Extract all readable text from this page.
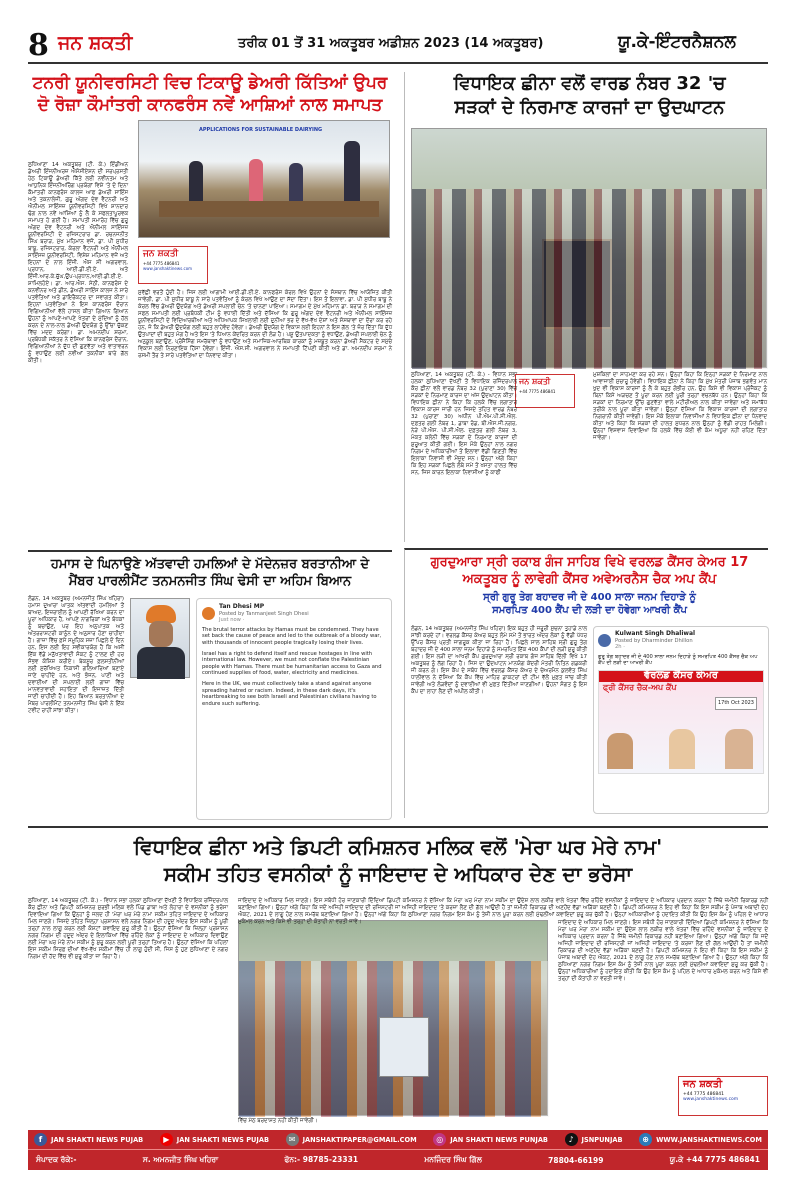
8 ਜਨ ਸ਼ਕਤੀ	ਤਰੀਕ 01 ਤੋਂ 31 ਅਕਤੂਬਰ ਅਡੀਸ਼ਨ 2023 (14 ਅਕਤੂਬਰ)	ਯੂ.ਕੇ-ਇੰਟਰਨੈਸ਼ਨਲ
ਟਨਰੀ ਯੂਨੀਵਰਸਿਟੀ ਵਿਚ ਟਿਕਾਊ ਡੇਅਰੀ ਕਿੱਤਿਆਂ ਉਪਰ
ਦੋ ਰੋਜ਼ਾ ਕੌਮਾਂਤਰੀ ਕਾਨਫਰੰਸ ਨਵੇਂ ਆਸ਼ਿਆਂ ਨਾਲ ਸਮਾਪਤ
ਲੁਧਿਆਣਾ 14 ਅਕਤੂਬਰ (ਟੀ. ਕੇ.) ਇੰਡੀਅਨ ਡੇਅਰੀ ਇੰਜਨੀਅਰਜ਼ ਐਸੋਸੀਏਸ਼ਨ ਦੀ ਸਰਪ੍ਰਸਤੀ ਹੇਠ ਟਿਕਾਊ ਡੇਅਰੀ ਕਿੱਤੇ ਲਈ ਨਵੀਨਤਮ ਅਤੇ ਆਧੁਨਿਕ ਇੰਜਨੀਅਰਿੰਗ ਪ੍ਰਯੋਗਾਂ ਵਿਸ਼ੇ 'ਤੇ ਦੋ ਦਿਨਾ ਕੌਮਾਂਤਰੀ ਕਾਨਫਰੰਸ ਕਾਲਜ ਆਫ ਡੇਅਰੀ ਸਾਇੰਸ ਅਤੇ ਤਕਨਾਲੋਜੀ, ਗੁਰੂ ਅੰਗਦ ਦੇਵ ਵੈਟਨਰੀ ਅਤੇ ਐਨੀਮਲ ਸਾਇੰਸਜ਼ ਯੂਨੀਵਰਸਿਟੀ ਵਿਖੇ ਸ਼ਾਨਦਾਰ ਢੰਗ ਨਾਲ ਨਵੇਂ ਆਸ਼ਿਆਂ ਨੂੰ ਲੈ ਕੇ ਸਫਲਤਾਪੂਰਵਕ ਸਮਾਪਤ ਹੋ ਗਈ ਹੈ। ਸਮਾਪਤੀ ਸਮਾਰੋਹ ਵਿੱਚ ਗੁਰੂ ਅੰਗਦ ਦੇਵ ਵੈਟਨਰੀ ਅਤੇ ਐਨੀਮਲ ਸਾਇੰਸਜ਼ ਯੂਨੀਵਰਸਿਟੀ ਦੇ ਰਜਿਸਟਰਾਰ ਡਾ. ਰਚਨਜਨੀਤ ਸਿੰਘ ਬਰਾੜ, ਮੁੱਖ ਮਹਿਮਾਨ ਵਜੋਂ, ਡਾ. ਪੀ ਸੁਧੀਰ ਬਾਬੂ, ਰਜਿਸਟਰਾਰ, ਕੇਰਲਾ ਵੈਟਨਰੀ ਅਤੇ ਐਨੀਮਲ ਸਾਇੰਸਜ਼ ਯੂਨੀਵਰਸਿਟੀ, ਵਿਸ਼ੇਸ਼ ਮਹਿਮਾਨ ਵਜੋਂ ਅਤੇ ਇਹਨਾਂ ਦੇ ਨਾਲ ਇੰਜੀ. ਐਸ ਸੀ ਅਗਰਵਾਲ, ਪ੍ਰਧਾਨ, ਆਈ.ਡੀ.ਈ.ਏ. ਅਤੇ ਇੰਜੀ.ਆਰ.ਕੇ.ਚੁੱਘ,ਉਪ-ਪ੍ਰਧਾਨ,ਆਈ.ਡੀ.ਈ.ਏ. ਸ਼ਾਮਿਲਹੋਏ। ਡਾ. ਆਰ.ਐਸ. ਸੇਠੀ, ਕਾਨਫਰੰਸ ਦੇ ਕਨਵੀਨਰ ਅਤੇ ਡੀਨ, ਡੇਅਰੀ ਸਾਇੰਸ ਕਾਲਜ ਨੇ ਸਾਰੇ ਪਤਵੰਤਿਆਂ ਅਤੇ ਡਾਇਰੈਕਟਰ ਦਾ ਸਵਾਗਤ ਕੀਤਾ। ਇਹਨਾਂ ਪਤਵੰਤਿਆਂ ਨੇ ਇਸ ਕਾਨਫਰੰਸ ਦੌਰਾਨ ਵਿਗਿਆਨੀਆਂ ਵੱਲੋਂ ਹਾਸਲ ਕੀਤਾ ਗਿਆਨ ਗਿਆਨ ਉਹਨਾਂ ਨੂੰ ਆਪਣੇ-ਆਪਣੇ ਖੇਤਰਾਂ ਦੇ ਮੁੱਦਿਆਂ ਨੂੰ ਹੱਲ ਕਰਨ ਦੇ ਨਾਲ-ਨਾਲ ਡੇਅਰੀ ਉਦਯੋਗ ਨੂੰ ਉੱਚਾ ਚੁੱਕਣ ਵਿੱਚ ਮਦਦ ਕਰੇਗਾ। ਡਾ. ਅਮਨਦੀਪ ਸ਼ਰਮਾ, ਪ੍ਰਬੰਧਕੀ ਸਕੱਤਰ ਨੇ ਦੱਸਿਆ ਕਿ ਕਾਨਫਰੰਸ ਦੌਰਾਨ, ਵਿਗਿਆਨੀਆਂ ਨੇ ਦੁੱਧ ਦੀ ਗੁਣਵੱਤਾ ਅਤੇ ਵਾਤਾਵਰਨ ਨੂੰ ਵਧਾਉਣ ਲਈ ਨਵੀਆਂ ਤਕਨੀਕਾਂ ਬਾਰੇ ਗੱਲ ਕੀਤੀ।
APPLICATIONS FOR SUSTAINABLE DAIRYING
ਜਨ ਸ਼ਕਤੀ
+44 7775 486841
www.janshaktinews.com
ਸੁਵੱਛੀ ਵਰਤੋਂ ਹੁੰਦੀ ਹੈ। ਜਿਸ ਲਈ ਆਗਾਮੀ ਆਈ.ਡੀ.ਈ.ਏ. ਕਾਨਫਰੰਸ ਕੇਰਲ ਵਿਖੇ ਉਹਨਾਂ ਦੇ ਸੰਸਥਾਨ ਵਿੱਚ ਆਯੋਜਿਤ ਕੀਤੀ ਜਾਵੇਗੀ, ਡਾ. ਪੀ ਸੁਧੀਰ ਬਾਬੂ ਨੇ ਸਾਰੇ ਪਤਵੰਤਿਆਂ ਨੂੰ ਕੇਰਲ ਵਿਖੇ ਆਉਣ ਦਾ ਸੱਦਾ ਦਿੱਤਾ। ਇਸ ਤੋਂ ਇਲਾਵਾ, ਡਾ. ਪੀ ਸੁਧੀਰ ਬਾਬੂ ਨੇ ਕੇਰਲ ਵਿੱਚ ਡੇਅਰੀ ਉਦਯੋਗ ਅਤੇ ਡੇਅਰੀ ਸਪਲਾਈ ਚੇਨ 'ਤੇ ਚਾਨਣਾ ਪਾਇਆ। ਸਮਾਗਮ ਦੇ ਮੁੱਖ ਮਹਿਮਾਨ ਡਾ. ਬਰਾੜ ਨੇ ਸਮਾਗਮ ਦੀ ਸਫਲ ਸਮਾਪਤੀ ਲਈ ਪ੍ਰਬੰਧਕੀ ਟੀਮ ਨੂੰ ਵਧਾਈ ਦਿੱਤੀ ਅਤੇ ਦੱਸਿਆ ਕਿ ਗੁਰੂ ਅੰਗਦ ਦੇਵ ਵੈਟਨਰੀ ਅਤੇ ਐਨੀਮਲ ਸਾਇੰਸਜ਼ ਯੂਨੀਵਰਸਿਟੀ ਦੇ ਵਿਦਿਆਰਥੀਆਂ ਅਤੇ ਅਧਿਆਪਕ ਸਿਖਲਾਈ ਲਈ ਦੁਨੀਆ ਭਰ ਦੇ ਵੱਖ-ਵੱਖ ਦੇਸ਼ਾਂ ਅਤੇ ਸੰਸਥਾਵਾਂ ਦਾ ਦੌਰਾ ਕਰ ਰਹੇ ਹਨ, ਜੋ ਕਿ ਡੇਅਰੀ ਉਦਯੋਗ ਲਈ ਬਹੁਤ ਲਾਹੇਵੰਦ ਹੋਵੇਗਾ। ਡੇਅਰੀ ਉਦਯੋਗ ਦੇ ਵਿਕਾਸ ਲਈ ਇਹਨਾਂ ਨੇ ਇਸ ਗੱਲ 'ਤੇ ਜ਼ੋਰ ਦਿੱਤਾ ਕਿ ਦੁੱਧ ਉਤਪਾਦਾਂ ਦੀ ਬਹੁਤ ਮੰਗ ਹੈ ਅਤੇ ਇਸ 'ਤੇ ਧਿਆਨ ਕੇਂਦਰਿਤ ਕਰਨ ਦੀ ਲੋੜ ਹੈ। ਪਸ਼ੂ ਉਤਪਾਦਕਤਾ ਨੂੰ ਵਧਾਉਣ, ਡੇਅਰੀ ਸਪਲਾਈ ਚੇਨ ਨੂੰ ਅਨੁਕੂਲ ਬਣਾਉਣ, ਪ੍ਰੋਸੈਸਿੰਗ ਸਮਰੱਥਾਵਾਂ ਨੂੰ ਵਧਾਉਣ ਅਤੇ ਸਮਾਜਿਕ-ਆਰਥਿਕ ਕਾਰਕਾਂ ਨੂੰ ਮਜ਼ਬੂਤ ਕਰਨਾ ਡੇਅਰੀ ਸੈਕਟਰ ਦੇ ਸਮੁੱਚੇ ਵਿਕਾਸ ਲਈ ਨਿਰਣਾਇਕ ਹਿੱਸਾ ਹੋਵੇਗਾ। ਇੰਜੀ. ਐਸ.ਸੀ. ਅਗਰਵਾਲ ਨੇ ਸਮਾਪਤੀ ਟਿੱਪਣੀ ਕੀਤੀ ਅਤੇ ਡਾ. ਅਮਨਦੀਪ ਸ਼ਰਮਾ ਨੇ ਰਸਮੀ ਤੌਰ ਤੇ ਸਾਰੇ ਪਤਵੰਤਿਆਂ ਦਾ ਧੰਨਵਾਦ ਕੀਤਾ।
ਵਿਧਾਇਕ ਛੀਨਾ ਵਲੋਂ ਵਾਰਡ ਨੰਬਰ 32 'ਚ
ਸੜਕਾਂ ਦੇ ਨਿਰਮਾਣ ਕਾਰਜਾਂ ਦਾ ਉਦਘਾਟਨ
ਜਨ ਸ਼ਕਤੀ
+44 7775 486841
ਲੁਧਿਆਣਾ, 14 ਅਕਤੂਬਰ (ਟੀ. ਕੇ.) - ਵਿਧਾਨ ਸਭਾ ਹਲਕਾ ਲੁਧਿਆਣਾ ਦੱਖਣੀ ਤੋਂ ਵਿਧਾਇਕ ਰਜਿੰਦਰਪਾਲ ਕੌਰ ਛੀਨਾ ਵਲੋਂ ਵਾਰਡ ਨੰਬਰ 32 (ਪੁਰਾਣਾ 30) ਵਿੱਚ ਸੜਕਾਂ ਦੇ ਨਿਰਮਾਣ ਕਾਰਜ ਦਾ ਅੱਜ ਉਦਘਾਟਨ ਕੀਤਾ। ਵਿਧਾਇਕ ਛੀਨਾ ਨੇ ਕਿਹਾ ਕਿ ਹਲਕੇ ਵਿੱਚ ਲਗਾਤਾਰ ਵਿਕਾਸ ਕਾਰਜ ਜਾਰੀ ਹਨ ਜਿਸਦੇ ਤਹਿਤ ਵਾਰਡ ਨੰਬਰ 32 (ਪੁਰਾਣਾ 30) ਅਧੀਨ ਪੀ.ਐਮ.ਪੀ.ਸੀ.ਐਲ. ਦਫ਼ਤਰ ਗਲੀ ਨੰਬਰ 1, ਡਾਬਾ ਰੋਡ, ਬੀ.ਐਸ.ਜੀ.ਨਗਰ, ਨੇੜੇ ਪੀ.ਐਸ. ਪੀ.ਸੀ.ਐਲ. ਦਫ਼ਤਰ ਗਲੀ ਨੰਬਰ 3, ਮੋਕਤ ਕਲੋਨੀ ਵਿੱਚ ਸੜਕਾਂ ਦੇ ਨਿਰਮਾਣ ਕਾਰਜਾਂ ਦੀ ਸ਼ੁਰੂਆਤ ਕੀਤੀ ਗਈ। ਇਸ ਮੌਕੇ ਉਨ੍ਹਾਂ ਨਾਲ ਨਗਰ ਨਿਗਮ ਦੇ ਅਧਿਕਾਰੀਆਂ ਤੋਂ ਇਲਾਵਾ ਵੱਡੀ ਗਿਣਤੀ ਵਿੱਚ ਇਲਾਕਾ ਨਿਵਾਸੀ ਵੀ ਮੌਜੂਦ ਸਨ। ਉਨ੍ਹਾਂ ਅੱਗੇ ਕਿਹਾ ਕਿ ਇਹ ਸੜਕਾਂ ਪਿਛਲੇ ਲੰਬੇ ਸਮੇਂ ਤੋਂ ਖਸਤਾ ਹਾਲਤ ਵਿੱਚ ਸਨ, ਜਿਸ ਕਾਰਨ ਇਲਾਕਾ ਨਿਵਾਸੀਆਂ ਨੂੰ ਕਾਫੀ
ਮੁਸ਼ਕਿਲਾਂ ਦਾ ਸਾਹਮਣਾ ਕਰ ਰਹੇ ਸਨ। ਉਨ੍ਹਾਂ ਕਿਹਾ ਕਿ ਇਨ੍ਹਾਂ ਸੜਕਾਂ ਦੇ ਨਿਰਮਾਣ ਨਾਲ ਆਵਾਜਾਈ ਸੁਚਾਰੂ ਹੋਵੇਗੀ। ਵਿਧਾਇਕ ਛੀਨਾ ਨੇ ਕਿਹਾ ਕਿ ਮੁੱਖ ਮੰਤਰੀ ਪੰਜਾਬ ਭਗਵੰਤ ਮਾਨ ਖੁਦ ਵੀ ਵਿਕਾਸ ਕਾਰਜਾਂ ਨੂੰ ਲੈ ਕੇ ਬਹੁਤ ਗੰਭੀਰ ਹਨ, ਉਹ ਕਿਸੇ ਵੀ ਵਿਕਾਸ ਪ੍ਰੋਜੈਕਟ ਨੂੰ ਬਿਨਾਂ ਕਿਸੇ ਅੜਚਣ ਤੋਂ ਪੂਰਾ ਕਰਨ ਲਈ ਪੂਰੀ ਤਰ੍ਹਾਂ ਵਚਨਬੱਧ ਹਨ। ਉਨ੍ਹਾਂ ਕਿਹਾ ਕਿ ਸੜਕਾਂ ਦਾ ਨਿਰਮਾਣ ਉੱਚ ਗੁਣਵੱਤਾ ਵਾਲੇ ਮਟੀਰੀਅਲ ਨਾਲ ਕੀਤਾ ਜਾਵੇਗਾ ਅਤੇ ਸਮਾਂਬੱਧ ਤਰੀਕੇ ਨਾਲ ਪੂਰਾ ਕੀਤਾ ਜਾਵੇਗਾ। ਉਨ੍ਹਾਂ ਦੱਸਿਆ ਕਿ ਵਿਕਾਸ ਕਾਰਜਾਂ ਦੀ ਲਗਾਤਾਰ ਨਿਗਰਾਨੀ ਕੀਤੀ ਜਾਵੇਗੀ। ਇਸ ਮੌਕੇ ਇਲਾਕਾ ਨਿਵਾਸੀਆਂ ਨੇ ਵਿਧਾਇਕ ਛੀਨਾ ਦਾ ਧੰਨਵਾਦ ਕੀਤਾ ਅਤੇ ਕਿਹਾ ਕਿ ਸੜਕਾਂ ਦੀ ਹਾਲਤ ਸੁਧਰਨ ਨਾਲ ਉਨ੍ਹਾਂ ਨੂੰ ਵੱਡੀ ਰਾਹਤ ਮਿਲੇਗੀ। ਉਨ੍ਹਾਂ ਵਿਸ਼ਵਾਸ ਦਿਵਾਇਆ ਕਿ ਹਲਕੇ ਵਿੱਚ ਕੋਈ ਵੀ ਕੰਮ ਅਧੂਰਾ ਨਹੀਂ ਰਹਿਣ ਦਿੱਤਾ ਜਾਵੇਗਾ।
ਹਮਾਸ ਦੇ ਘਿਨਾਉਣੇ ਅੱਤਵਾਦੀ ਹਮਲਿਆਂ ਦੇ ਮੱਦੇਨਜ਼ਰ ਬਰਤਾਨੀਆ ਦੇ
ਮੈਂਬਰ ਪਾਰਲੀਮੈਂਟ ਤਨਮਨਜੀਤ ਸਿੰਘ ਢੇਸੀ ਦਾ ਅਹਿਮ ਬਿਆਨ
ਲੰਡਨ, 14 ਅਕਤੂਬਰ (ਅਮਨਜੀਤ ਸਿੰਘ ਖਹਿਰਾ) ਹਮਾਸ ਦੁਆਰਾ ਘਾਤਕ ਅੱਤਵਾਦੀ ਹਮਲਿਆਂ ਤੋਂ ਬਾਅਦ, ਇਜ਼ਰਾਈਲ ਨੂੰ ਆਪਣੀ ਰੱਖਿਆ ਕਰਨ ਦਾ ਪੂਰਾ ਅਧਿਕਾਰ ਹੈ, ਆਪਣੇ ਨਾਗਰਿਕਾਂ ਅਤੇ ਬੰਧਕਾਂ ਨੂੰ ਬਚਾਉਣ, ਪਰ ਇਹ ਅਨੁਪਾਤਕ ਅਤੇ ਅੰਤਰਰਾਸ਼ਟਰੀ ਕਾਨੂੰਨ ਦੇ ਅਨੁਸਾਰ ਹੋਣਾ ਚਾਹੀਦਾ ਹੈ। ਗਾਜ਼ਾ ਵਿੱਚ ਫ਼ਸੇ ਸਮੂਹਿਕ ਸਜ਼ਾ ਪਿਛਲੇ ਦੋ ਦਿਨ ਹਨ, ਇਸ ਲਈ ਇਹ ਸਵੀਕਾਰਯੋਗ ਹੈ ਕਿ ਅਸੀਂ ਇੱਕ ਵੱਡੇ ਮਨੁੱਖਤਾਵਾਦੀ ਸੰਕਟ ਨੂੰ ਟਾਲਣ ਦੀ ਹਰ ਸੰਭਵ ਕੋਸ਼ਿਸ਼ ਕਰੀਏ। ਬੇਕਸੂਰ ਫ਼ਲਸਤੀਨੀਆਂ ਲਈ ਸੁਰੱਖਿਅਤ ਨਿਕਾਸੀ ਗਲਿਆਰਿਆਂ ਬਣਾਏ ਜਾਣੇ ਚਾਹੀਦੇ ਹਨ, ਅਤੇ ਭੋਜਨ, ਪਾਣੀ ਅਤੇ ਦਵਾਈਆਂ ਦੀ ਸਪਲਾਈ ਲਈ ਗਾਜ਼ਾ ਵਿੱਚ ਮਾਨਵਤਾਵਾਦੀ ਸਹਾਇਤਾ ਦੀ ਇਜਾਜ਼ਤ ਦਿੱਤੀ ਜਾਣੀ ਚਾਹੀਦੀ ਹੈ। ਇਹ ਬਿਆਨ ਬਰਤਾਨੀਆ ਦੇ ਮੈਂਬਰ ਪਾਰਲੀਮੈਂਟ ਤਨਮਨਜੀਤ ਸਿੰਘ ਢੇਸੀ ਨੇ ਇੱਕ ਟਵੀਟ ਰਾਹੀਂ ਸਾਂਝਾ ਕੀਤਾ।
Tan Dhesi MP
Posted by Tanmanjeet Singh Dhesi
Just now ·

The brutal terror attacks by Hamas must be condemned. They have set back the cause of peace and led to the outbreak of a bloody war, with thousands of innocent people tragically losing their lives.

Israel has a right to defend itself and rescue hostages in line with international law. However, we must not conflate the Palestinian people with Hamas. There must be humanitarian access to Gaza and continued supplies of food, water, electricity and medicines.

Here in the UK, we must collectively take a stand against anyone spreading hatred or racism. Indeed, in these dark days, it's heartbreaking to see both Israeli and Palestinian civilians having to endure such suffering.

ਗੁਰਦੁਆਰਾ ਸ੍ਰੀ ਰਕਾਬ ਗੰਜ ਸਾਹਿਬ ਵਿਖੇ ਵਰਲਡ ਕੈਂਸਰ ਕੇਅਰ 17
ਅਕਤੂਬਰ ਨੂੰ ਲਾਵੇਗੀ ਕੈਂਸਰ ਅਵੇਅਰਨੈਸ ਚੈਕ ਅਪ ਕੈਂਪ
ਸ੍ਰੀ ਗੁਰੂ ਤੇਗ ਬਹਾਦਰ ਜੀ ਦੇ 400 ਸਾਲਾ ਜਨਮ ਦਿਹਾੜੇ ਨੂੰ
ਸਮਰਪਿਤ 400 ਕੈਂਪ ਦੀ ਲੜੀ ਦਾ ਹੋਵੇਗਾ ਆਖਰੀ ਕੈਂਪ
ਲੰਡਨ, 14 ਅਕਤੂਬਰ (ਅਮਨਜੀਤ ਸਿੰਘ ਖਹਿਰਾ) ਇਕ ਬਹੁਤ ਹੀ ਜਰੂਰੀ ਸੁਚਨਾ ਤੁਹਾਡੇ ਨਾਲ ਸਾਂਝੀ ਕਰਦੇ ਹਾਂ। ਵਰਲਡ ਕੈਂਸਰ ਕੇਅਰ ਬਹੁਤ ਲੰਮੇ ਸਮੇਂ ਤੋਂ ਭਾਰਤ ਅੰਦਰ ਲੋਕਾਂ ਨੂੰ ਵੱਡੀ ਪੱਧਰ ਉੱਪਰ ਕੈਂਸਰ ਪ੍ਰਤੀ ਜਾਗਰੂਕ ਕੀਤਾ ਜਾ ਰਿਹਾ ਹੈ। ਪਿਛਲੇ ਸਾਲ ਸਾਹਿਬ ਸ੍ਰੀ ਗੁਰੂ ਤੇਗ ਬਹਾਦਰ ਜੀ ਦੇ 400 ਸਾਲਾ ਜਨਮ ਦਿਹਾੜੇ ਨੂੰ ਸਮਰਪਿਤ ਇੱਕ 400 ਕੈਂਪਾਂ ਦੀ ਲੜੀ ਸ਼ੁਰੂ ਕੀਤੀ ਗਈ। ਇਸ ਲੜੀ ਦਾ ਆਖਰੀ ਕੈਂਪ ਗੁਰਦੁਆਰਾ ਸ੍ਰੀ ਰਕਾਬ ਗੰਜ ਸਾਹਿਬ ਦਿੱਲੀ ਵਿਖੇ 17 ਅਕਤੂਬਰ ਨੂੰ ਲੱਗ ਰਿਹਾ ਹੈ। ਜਿਸ ਦਾ ਉਦਘਾਟਨ ਮਾਨਯੋਗ ਕੇਂਦਰੀ ਮੰਤਰੀ ਨਿਤਿਨ ਗਡਕਰੀ ਜੀ ਕਰਨ ਗੇ। ਇਸ ਕੈਂਪ ਦੇ ਸਬੰਧ ਵਿੱਚ ਵਰਲਡ ਕੈਂਸਰ ਕੇਅਰ ਦੇ ਚੇਅਰਮੈਨ ਕੁਲਵੰਤ ਸਿੰਘ ਧਾਲੀਵਾਲ ਨੇ ਦੱਸਿਆ ਕਿ ਕੈਂਪ ਵਿੱਚ ਮਾਹਿਰ ਡਾਕਟਰਾਂ ਦੀ ਟੀਮ ਵੱਲੋਂ ਮੁਫ਼ਤ ਜਾਂਚ ਕੀਤੀ ਜਾਵੇਗੀ ਅਤੇ ਲੋੜਵੰਦਾਂ ਨੂੰ ਦਵਾਈਆਂ ਵੀ ਮੁਫ਼ਤ ਦਿੱਤੀਆਂ ਜਾਣਗੀਆਂ। ਉਹਨਾਂ ਸੰਗਤ ਨੂੰ ਇਸ ਕੈਂਪ ਦਾ ਲਾਹਾ ਲੈਣ ਦੀ ਅਪੀਲ ਕੀਤੀ।
Kulwant Singh Dhaliwal
Posted by Dharminder Dhillon
2h ·

ਗੁਰੂ ਤੇਗ ਬਹਾਦਰ ਜੀ ਦੇ 400 ਸਾਲਾ ਜਨਮ ਦਿਹਾੜੇ ਨੂੰ ਸਮਰਪਿਤ 400 ਕੈਂਸਰ ਚੈਕ ਅਪ ਕੈਂਪ ਦੀ ਲੜੀ ਦਾ ਆਖਰੀ ਕੈਂਪ

ਵੱਰਲਡ ਕੈਂਸਰ ਕੇਅਰ
ਫ੍ਰੀ ਕੈਂਸਰ ਚੈਕ-ਅਪ ਕੈਂਪ
17th Oct 2023
ਵਿਧਾਇਕ ਛੀਨਾ ਅਤੇ ਡਿਪਟੀ ਕਮਿਸ਼ਨਰ ਮਲਿਕ ਵਲੋਂ 'ਮੇਰਾ ਘਰ ਮੇਰੇ ਨਾਮ'
ਸਕੀਮ ਤਹਿਤ ਵਸਨੀਕਾਂ ਨੂੰ ਜਾਇਦਾਦ ਦੇ ਅਧਿਕਾਰ ਦੇਣ ਦਾ ਭਰੋਸਾ
ਲੁਧਿਆਣਾ, 14 ਅਕਤੂਬਰ (ਟੀ. ਕੇ.) - ਵਿਧਾਨ ਸਭਾ ਹਲਕਾ ਲੁਧਿਆਣਾ ਦੱਖਣੀ ਤੋਂ ਵਿਧਾਇਕ ਰਜਿੰਦਰਪਾਲ ਕੌਰ ਛੀਨਾ ਅਤੇ ਡਿਪਟੀ ਕਮਿਸ਼ਨਰ ਸੁਰਭੀ ਮਲਿਕ ਵਲੋਂ ਪਿੰਡ ਡਾਬਾ ਅਤੇ ਲੋਹਾਰਾ ਦੇ ਵਸਨੀਕਾਂ ਨੂੰ ਭਰੋਸਾ ਦਿਵਾਇਆ ਗਿਆ ਕਿ ਉਨ੍ਹਾਂ ਨੂੰ ਜਲਦ ਹੀ 'ਮੇਰਾ ਘਰ ਮੇਰੇ ਨਾਮ' ਸਕੀਮ ਤਹਿਤ ਜਾਇਦਾਦ ਦੇ ਅਧਿਕਾਰ ਮਿਲ ਜਾਣਗੇ। ਜਿਸਦੇ ਤਹਿਤ ਜ਼ਿਲ੍ਹਾ ਪ੍ਰਸ਼ਾਸਨ ਵਲੋਂ ਨਗਰ ਨਿਗਮ ਦੀ ਹਦੂਦ ਅੰਦਰ ਇਸ ਸਕੀਮ ਨੂੰ ਪੂਰੀ ਤਰ੍ਹਾਂ ਨਾਲ ਲਾਗੂ ਕਰਨ ਲਈ ਕੋਸ਼ਟਾਂ ਕਵਾਇਦ ਸ਼ੁਰੂ ਕੀਤੀ ਹੈ। ਉਨ੍ਹਾਂ ਦੱਸਿਆ ਕਿ ਜ਼ਿਲ੍ਹਾ ਪ੍ਰਸ਼ਾਸਨ ਨਗਰ ਨਿਗਮ ਦੀ ਹਦੂਦ ਅੰਦਰ ਦੇ ਇਲਾਕਿਆਂ ਵਿੱਚ ਰਹਿੰਦੇ ਲੋਕਾਂ ਨੂੰ ਜਾਇਦਾਦ ਦੇ ਅਧਿਕਾਰ ਦਿਵਾਉਣ ਲਈ ਮੇਰਾ ਘਰ ਮੇਰੇ ਨਾਮ ਸਕੀਮ ਨੂੰ ਸ਼ੁਰੂ ਕਰਨ ਲਈ ਪੂਰੀ ਤਰ੍ਹਾਂ ਤਿਆਰ ਹੈ। ਉਨ੍ਹਾਂ ਦੱਸਿਆ ਕਿ ਪਹਿਲਾਂ ਇਸ ਸਕੀਮ ਸਿਰਫ਼ ਦੀਆਂ ਵੱਖ-ਵੱਖ ਸਕੀਮਾਂ ਵਿੱਚ ਹੀ ਲਾਗੂ ਹੁੰਦੀ ਸੀ, ਜਿਸ ਨੂੰ ਹੁਣ ਲੁਧਿਆਣਾ ਦੇ ਨਗਰ ਨਿਗਮ ਦੀ ਹੱਦ ਵਿੱਚ ਵੀ ਸ਼ੁਰੂ ਕੀਤਾ ਜਾ ਰਿਹਾ ਹੈ।
ਜਾਇਦਾਦ ਦੇ ਅਧਿਕਾਰ ਮਿਲ ਜਾਣਗੇ। ਇਸ ਸਬੰਧੀ ਹੋਰ ਜਾਣਕਾਰੀ ਦਿੰਦਿਆਂ ਡਿਪਟੀ ਕਮਿਸ਼ਨਰ ਨੇ ਦੱਸਿਆ ਕਿ ਮੇਰਾ ਘਰ ਮੇਰਾ ਨਾਮ ਸਕੀਮ ਦਾ ਉਦੇਸ਼ ਲਾਲ ਲਕੀਰ ਵਾਲੇ ਖੇਤਰਾਂ ਵਿੱਚ ਰਹਿੰਦੇ ਵਸਨੀਕਾਂ ਨੂੰ ਜਾਇਦਾਦ ਦੇ ਅਧਿਕਾਰ ਪ੍ਰਦਾਨ ਕਰਨਾ ਹੈ ਜਿੱਥੇ ਜ਼ਮੀਨੀ ਰਿਕਾਰਡ ਨਹੀਂ ਬਣਾਇਆ ਗਿਆ। ਉਨ੍ਹਾਂ ਅੱਗੇ ਕਿਹਾ ਕਿ ਜਦੋਂ ਅਜਿਹੀ ਜਾਇਦਾਦ ਦੀ ਰਜਿਸਟਰੀ ਜਾਂ ਅਜਿਹੀ ਜਾਇਦਾਦ 'ਤੇ ਕਰਜ਼ਾ ਲੈਣ ਦੀ ਗੱਲ ਆਉਂਦੀ ਹੈ ਤਾਂ ਜ਼ਮੀਨੀ ਰਿਕਾਰਡ ਦੀ ਅਣਹੋਂਦ ਵੱਡਾ ਅੜਿੱਕਾ ਬਣਦੀ ਹੈ। ਡਿਪਟੀ ਕਮਿਸ਼ਨਰ ਨੇ ਇਹ ਵੀ ਕਿਹਾ ਕਿ ਇਸ ਸਕੀਮ ਨੂੰ ਪੰਜਾਬ ਅਬਾਦੀ ਦੇਹ ਐਕਟ, 2021 ਦੇ ਲਾਗੂ ਹੋਣ ਨਾਲ ਸਮਰੱਥ ਬਣਾਇਆ ਗਿਆ ਹੈ। ਉਨ੍ਹਾਂ ਅੱਗੇ ਕਿਹਾ ਕਿ ਲੁਧਿਆਣਾ ਨਗਰ ਨਿਗਮ ਇਸ ਕੰਮ ਨੂੰ ਤੇਜ਼ੀ ਨਾਲ ਪੂਰਾ ਕਰਨ ਲਈ ਮੁੱਢਲੀਆਂ ਕਵਾਇਦਾਂ ਸ਼ੁਰੂ ਕਰ ਚੁੱਕੀ ਹੈ। ਉਨ੍ਹਾਂ ਅਧਿਕਾਰੀਆਂ ਨੂੰ ਹਦਾਇਤ ਕੀਤੀ ਕਿ ਉਹ ਇਸ ਕੰਮ ਨੂੰ ਪਹਿਲ ਦੇ ਆਧਾਰ ਮੁਕੰਮਲ ਕਰਨ ਅਤੇ ਕਿਸੇ ਵੀ ਤਰ੍ਹਾਂ ਦੀ ਕੋਤਾਹੀ ਨਾ ਵਰਤੀ ਜਾਵੇ।	ਜਾਇਦਾਦ ਦੇ ਅਧਿਕਾਰ ਮਿਲ ਜਾਣਗੇ। ਇਸ ਸਬੰਧੀ ਹੋਰ ਜਾਣਕਾਰੀ ਦਿੰਦਿਆਂ ਡਿਪਟੀ ਕਮਿਸ਼ਨਰ ਨੇ ਦੱਸਿਆ ਕਿ ਮੇਰਾ ਘਰ ਮੇਰਾ ਨਾਮ ਸਕੀਮ ਦਾ ਉਦੇਸ਼ ਲਾਲ ਲਕੀਰ ਵਾਲੇ ਖੇਤਰਾਂ ਵਿੱਚ ਰਹਿੰਦੇ ਵਸਨੀਕਾਂ ਨੂੰ ਜਾਇਦਾਦ ਦੇ ਅਧਿਕਾਰ ਪ੍ਰਦਾਨ ਕਰਨਾ ਹੈ ਜਿੱਥੇ ਜ਼ਮੀਨੀ ਰਿਕਾਰਡ ਨਹੀਂ ਬਣਾਇਆ ਗਿਆ। ਉਨ੍ਹਾਂ ਅੱਗੇ ਕਿਹਾ ਕਿ ਜਦੋਂ ਅਜਿਹੀ ਜਾਇਦਾਦ ਦੀ ਰਜਿਸਟਰੀ ਜਾਂ ਅਜਿਹੀ ਜਾਇਦਾਦ 'ਤੇ ਕਰਜ਼ਾ ਲੈਣ ਦੀ ਗੱਲ ਆਉਂਦੀ ਹੈ ਤਾਂ ਜ਼ਮੀਨੀ ਰਿਕਾਰਡ ਦੀ ਅਣਹੋਂਦ ਵੱਡਾ ਅੜਿੱਕਾ ਬਣਦੀ ਹੈ। ਡਿਪਟੀ ਕਮਿਸ਼ਨਰ ਨੇ ਇਹ ਵੀ ਕਿਹਾ ਕਿ ਇਸ ਸਕੀਮ ਨੂੰ ਪੰਜਾਬ ਅਬਾਦੀ ਦੇਹ ਐਕਟ, 2021 ਦੇ ਲਾਗੂ ਹੋਣ ਨਾਲ ਸਮਰੱਥ ਬਣਾਇਆ ਗਿਆ ਹੈ। ਉਨ੍ਹਾਂ ਅੱਗੇ ਕਿਹਾ ਕਿ ਲੁਧਿਆਣਾ ਨਗਰ ਨਿਗਮ ਇਸ ਕੰਮ ਨੂੰ ਤੇਜ਼ੀ ਨਾਲ ਪੂਰਾ ਕਰਨ ਲਈ ਮੁੱਢਲੀਆਂ ਕਵਾਇਦਾਂ ਸ਼ੁਰੂ ਕਰ ਚੁੱਕੀ ਹੈ। ਉਨ੍ਹਾਂ ਅਧਿਕਾਰੀਆਂ ਨੂੰ ਹਦਾਇਤ ਕੀਤੀ ਕਿ ਉਹ ਇਸ ਕੰਮ ਨੂੰ ਪਹਿਲ ਦੇ ਆਧਾਰ ਮੁਕੰਮਲ ਕਰਨ ਅਤੇ ਕਿਸੇ ਵੀ ਤਰ੍ਹਾਂ ਦੀ ਕੋਤਾਹੀ ਨਾ ਵਰਤੀ ਜਾਵੇ।
ਜਨ ਸ਼ਕਤੀ
+44 7775 486841
www.janshaktinews.com
ਵਿੱਚ ਮੱਠ ਬਰਦਾਸ਼ਤ ਨਹੀਂ ਕੀਤੀ ਜਾਵੇਗੀ।
f	JAN SHAKTI NEWS PUJAB	▶	JAN SHAKTI NEWS PUJAB	✉	JANSHAKTIPAPER@GMAIL.COM	◎	JAN SHAKTI NEWS PUNJAB	♪	JSNPUNJAB	⊕	WWW.JANSHAKTINEWS.COM
ਸੰਪਾਦਕ ਰੱਕੇ:-	ਸ. ਅਮਨਜੀਤ ਸਿੰਘ ਖਹਿਰਾ	ਫੋਨ:- 98785-23331	ਮਨਜਿੰਦਰ ਸਿੰਘ ਗਿੱਲ	78804-66199	ਯੂ.ਕੇ +44 7775 486841
